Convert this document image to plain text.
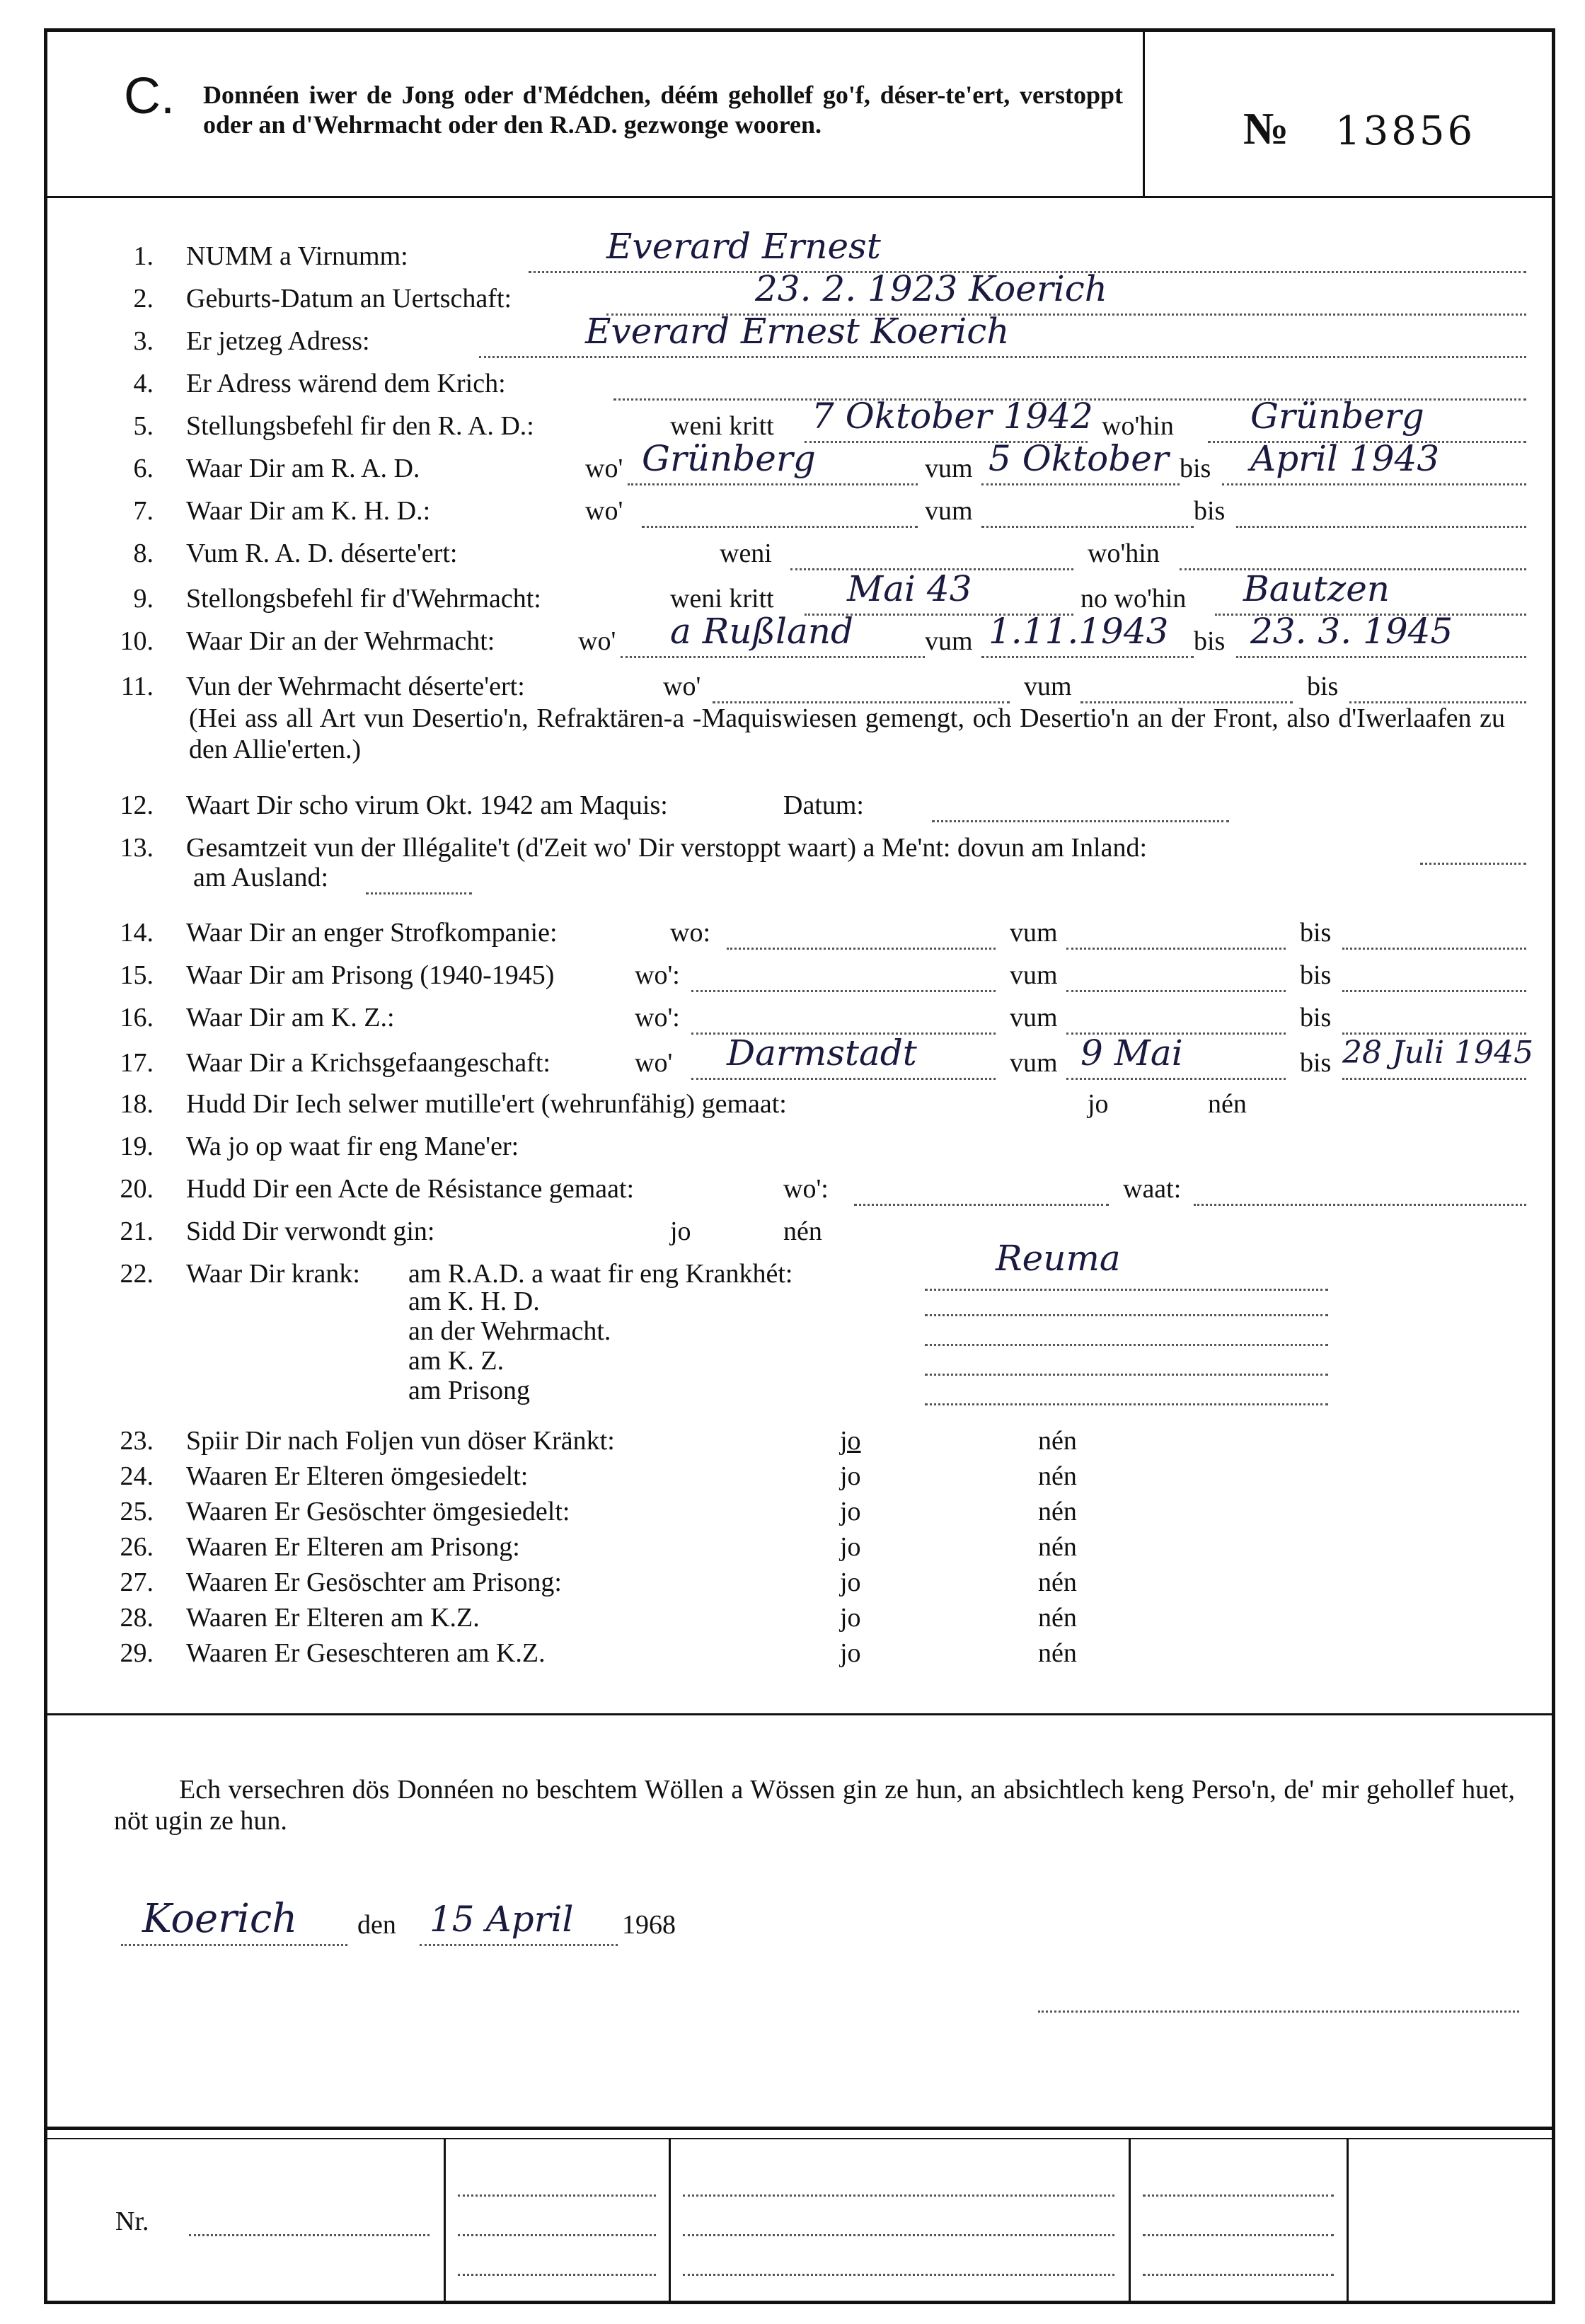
C. Donnéen iwer de Jong oder d'Médchen, déém gehollef go'f, déser-te'ert, verstoppt oder an d'Wehrmacht oder den R.AD. gezwonge wooren.	№ 13856
1. NUMM a Virnumm:	Everard Ernest
2. Geburts-Datum an Uertschaft:	23. 2. 1923 Koerich
3. Er jetzeg Adress:	Everard Ernest Koerich
4. Er Adress wärend dem Krich:
5. Stellungsbefehl fir den R. A. D.:	weni kritt 7 Oktober 1942 wo'hin Grünberg
6. Waar Dir am R. A. D.	wo' Grünberg	vum 5 Oktober bis April 1943
7. Waar Dir am K. H. D.:	wo'	vum	bis
8. Vum R. A. D. déserte'ert:	weni	wo'hin
9. Stellongsbefehl fir d'Wehrmacht:	weni kritt Mai 43	no wo'hin Bautzen
10. Waar Dir an der Wehrmacht:	wo' a Rußland	vum 1.11.1943 bis 23. 3. 1945
11. Vun der Wehrmacht déserte'ert:	wo'	vum	bis
(Hei ass all Art vun Desertio'n, Refraktären-a -Maquiswiesen gemengt, och Desertio'n an der Front, also d'Iwerlaafen zu den Allie'erten.)
12. Waart Dir scho virum Okt. 1942 am Maquis:	Datum:
13. Gesamtzeit vun der Illégalite't (d'Zeit wo' Dir verstoppt waart) a Me'nt: dovun am Inland:
am Ausland:
14. Waar Dir an enger Strofkompanie:	wo:	vum	bis
15. Waar Dir am Prisong (1940-1945)	wo':	vum	bis
16. Waar Dir am K. Z.:	wo':	vum	bis
17. Waar Dir a Krichsgefaangeschaft:	wo' Darmstadt	vum 9 Mai	bis 28 Juli 1945
18. Hudd Dir Iech selwer mutille'ert (wehrunfähig) gemaat:	jo	nén
19. Wa jo op waat fir eng Mane'er:
20. Hudd Dir een Acte de Résistance gemaat:	wo':	waat:
21. Sidd Dir verwondt gin:	jo	nén
22. Waar Dir krank: am R.A.D. a waat fir eng Krankhét:	Reuma
am K. H. D.
an der Wehrmacht.
am K. Z.
am Prisong
23. Spiir Dir nach Foljen vun döser Kränkt:	jo	nén
24. Waaren Er Elteren ömgesiedelt:	jo	nén
25. Waaren Er Gesöschter ömgesiedelt:	jo	nén
26. Waaren Er Elteren am Prisong:	jo	nén
27. Waaren Er Gesöschter am Prisong:	jo	nén
28. Waaren Er Elteren am K.Z.	jo	nén
29. Waaren Er Geseschteren am K.Z.	jo	nén
Ech versechren dös Donnéen no beschtem Wöllen a Wössen gin ze hun, an absichtlech keng Perso'n, de' mir gehollef huet, nöt ugin ze hun.
Koerich den 15 April 1968
Nr.
